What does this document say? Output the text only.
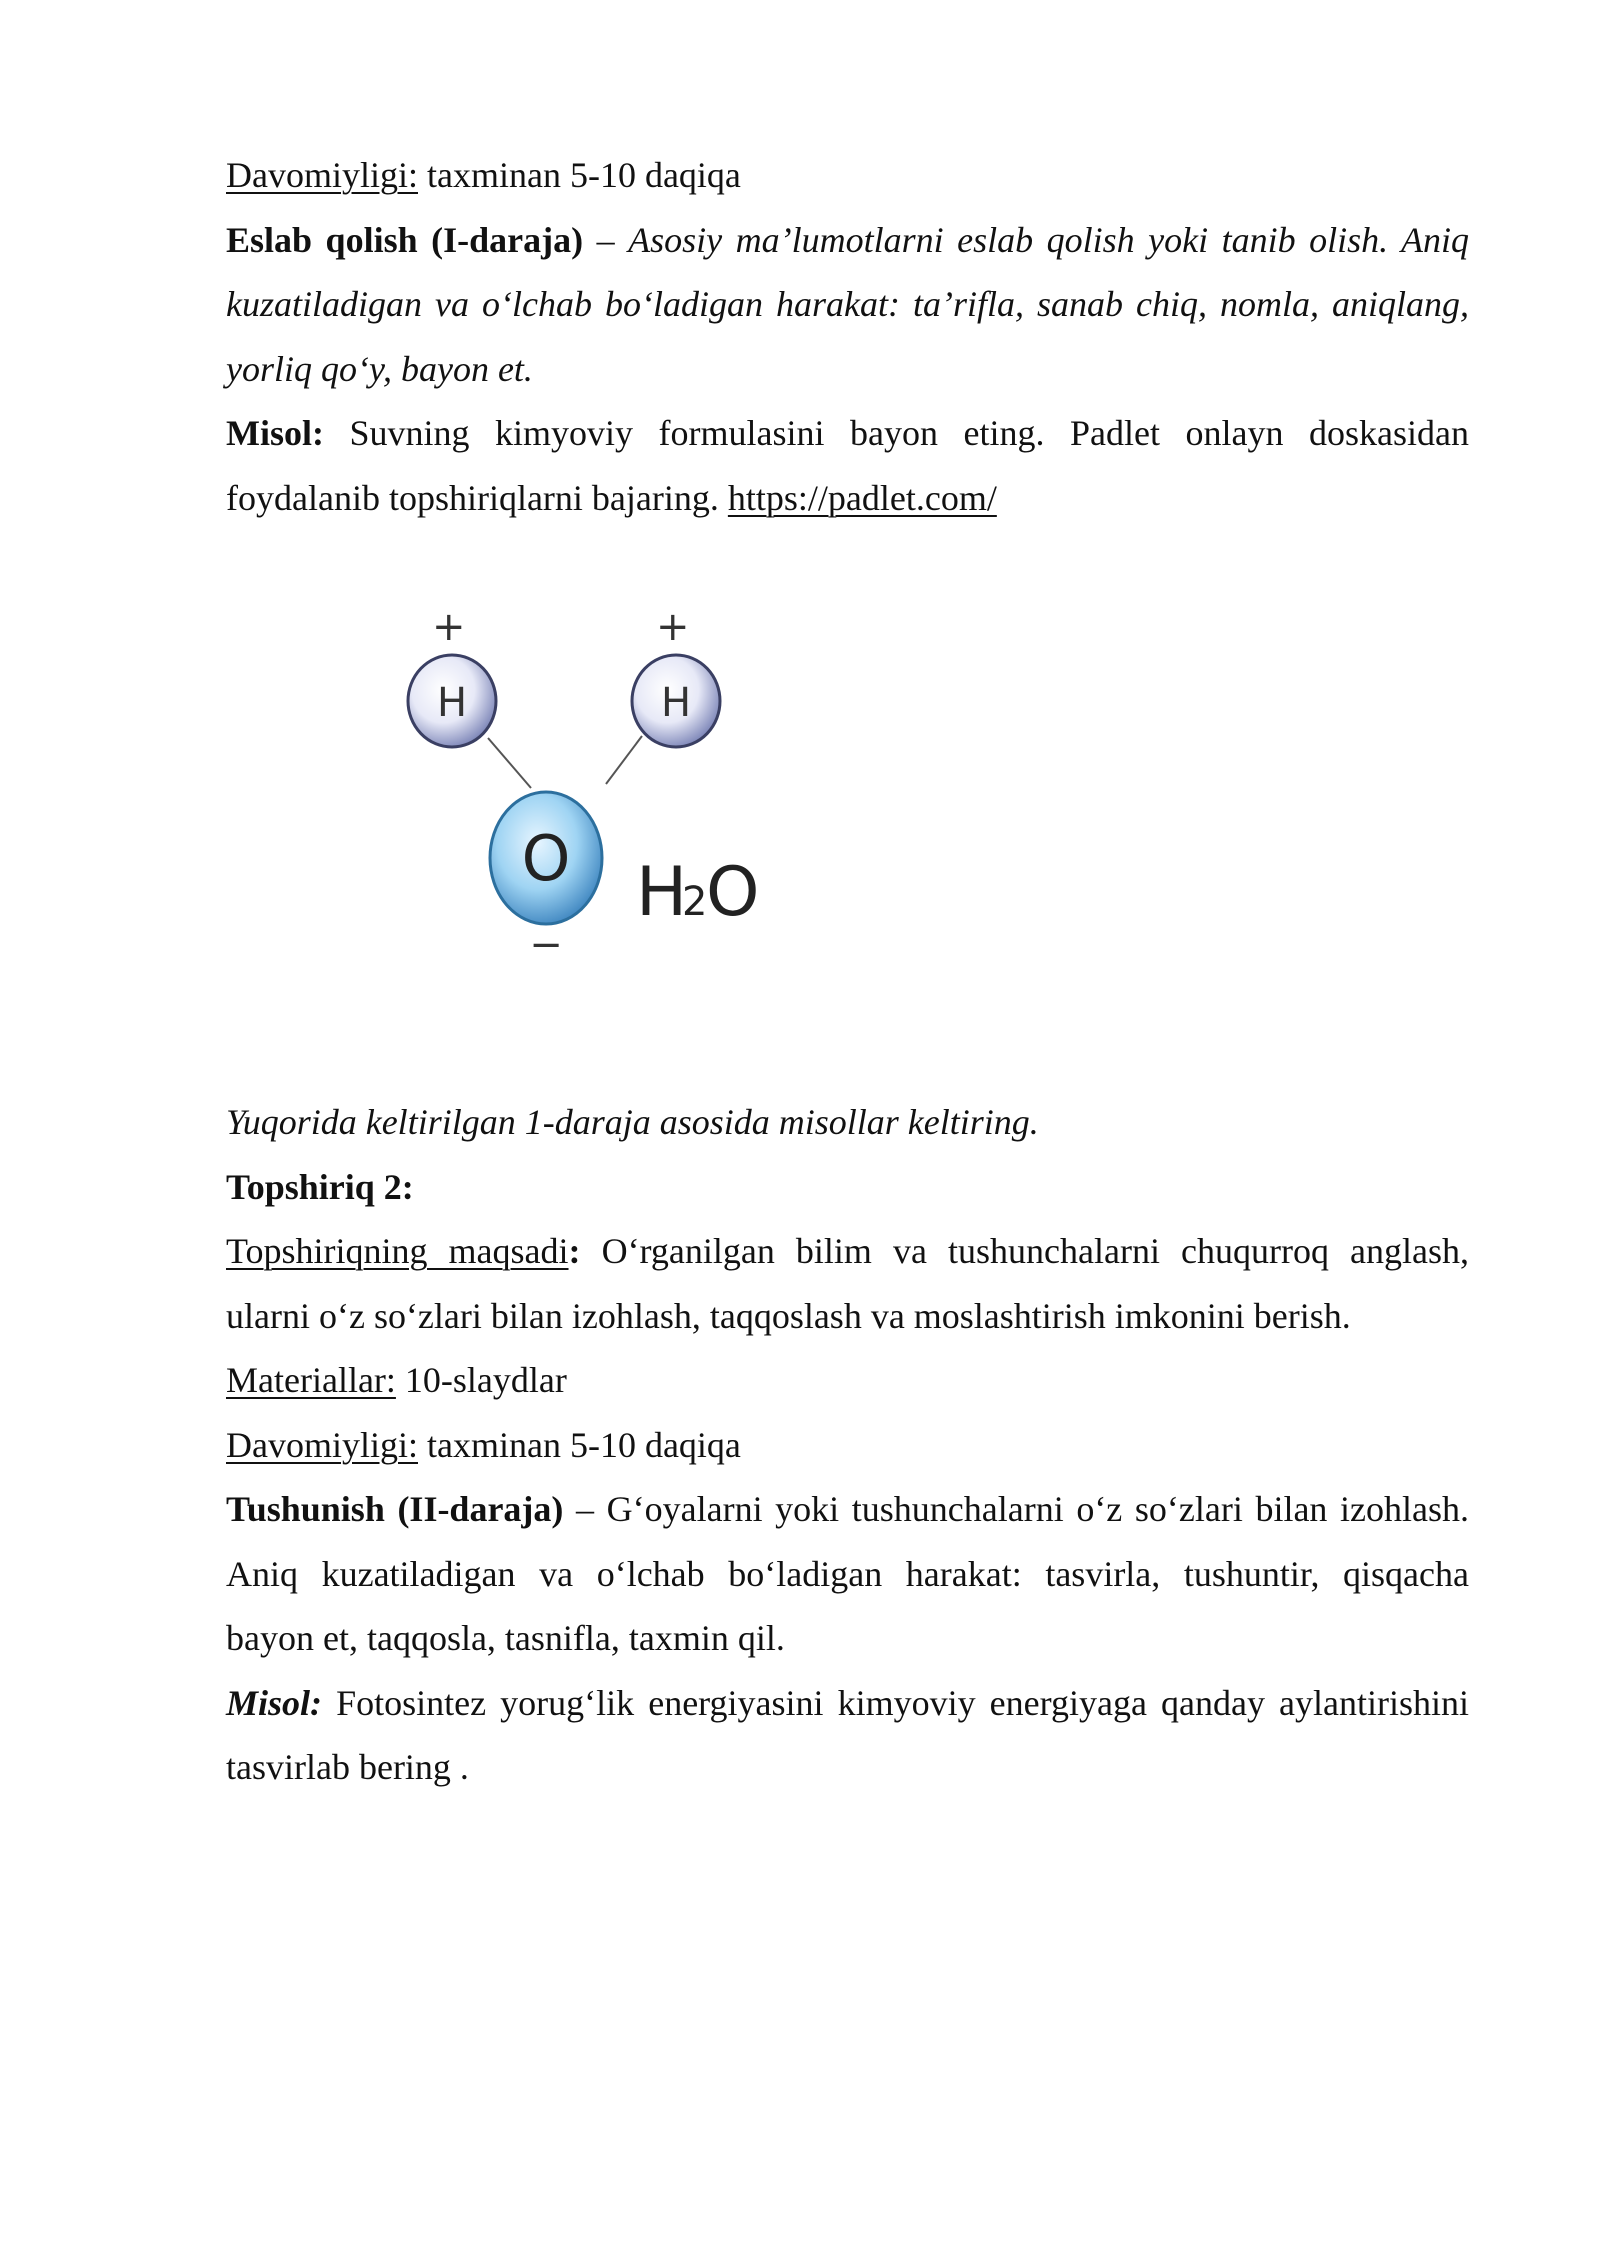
Davomiyligi: taxminan 5-10 daqiqa
Eslab qolish (I-daraja) – Asosiy ma’lumotlarni eslab qolish yoki tanib olish. Aniq
kuzatiladigan va o‘lchab bo‘ladigan harakat: ta’rifla, sanab chiq, nomla, aniqlang,
yorliq qo‘y, bayon et.
Misol: Suvning kimyoviy formulasini bayon eting. Padlet onlayn doskasidan
foydalanib topshiriqlarni bajaring. https://padlet.com/
+	+
H	H
O
−
H
2
O
Yuqorida keltirilgan 1-daraja asosida misollar keltiring.
Topshiriq 2:
Topshiriqning maqsadi: O‘rganilgan bilim va tushunchalarni chuqurroq anglash,
ularni o‘z so‘zlari bilan izohlash, taqqoslash va moslashtirish imkonini berish.
Materiallar: 10-slaydlar
Davomiyligi: taxminan 5-10 daqiqa
Tushunish (II-daraja) – G‘oyalarni yoki tushunchalarni o‘z so‘zlari bilan izohlash.
Aniq kuzatiladigan va o‘lchab bo‘ladigan harakat: tasvirla, tushuntir, qisqacha
bayon et, taqqosla, tasnifla, taxmin qil.
Misol: Fotosintez yorug‘lik energiyasini kimyoviy energiyaga qanday aylantirishini
tasvirlab bering .
